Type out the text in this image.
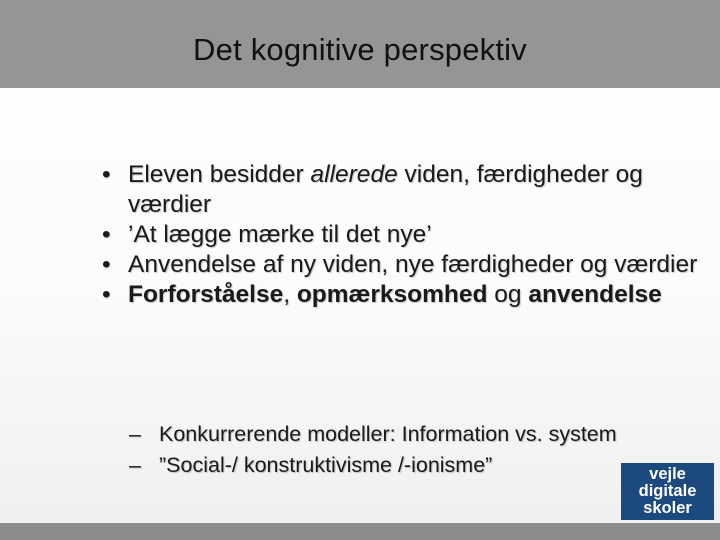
Det kognitive perspektiv
• Eleven besidder allerede viden, færdigheder og værdier
• ’At lægge mærke til det nye’
• Anvendelse af ny viden, nye færdigheder og værdier
• Forforståelse, opmærksomhed og anvendelse
– Konkurrerende modeller: Information vs. system
– ”Social-/ konstruktivisme /-ionisme”	vejle
digitale
skoler
